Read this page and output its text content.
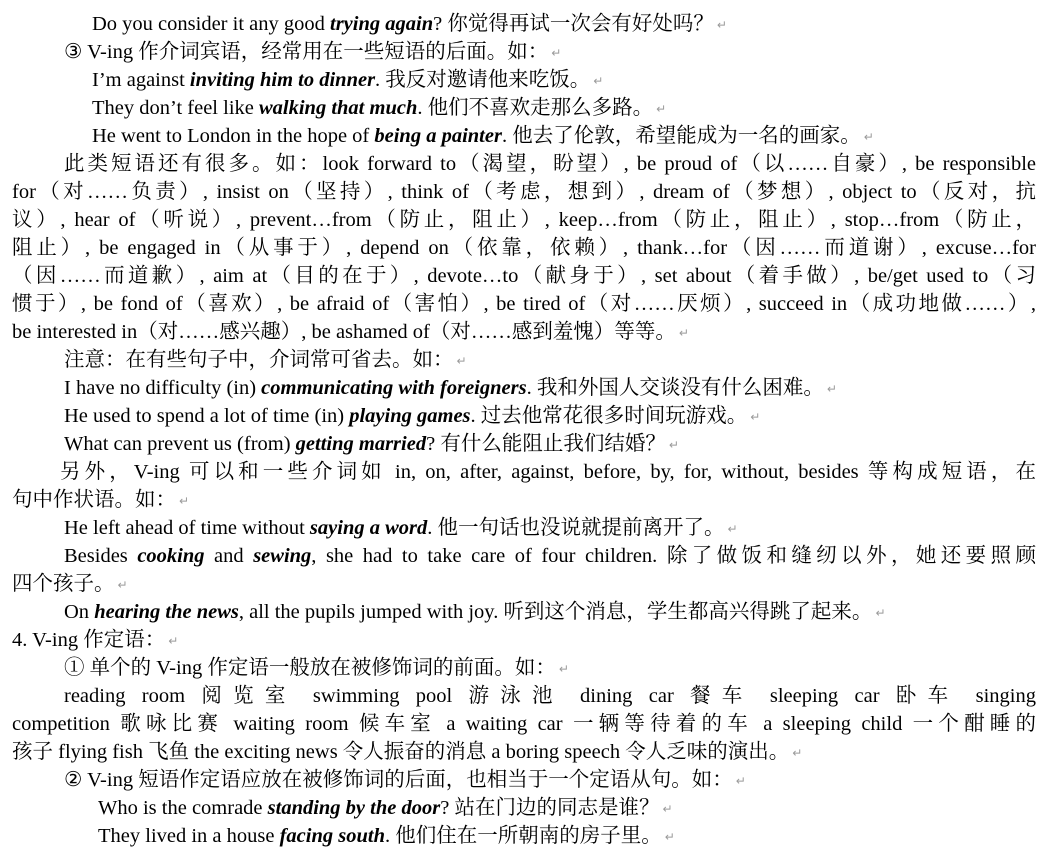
Do you consider it any good trying again? 你觉得再试一次会有好处吗？ ↵
③ V-ing 作介词宾语，经常用在一些短语的后面。如： ↵
I’m against inviting him to dinner. 我反对邀请他来吃饭。 ↵
They don’t feel like walking that much. 他们不喜欢走那么多路。 ↵
He went to London in the hope of being a painter. 他去了伦敦，希望能成为一名的画家。 ↵
此类短语还有很多。如：look forward to（渴望，盼望）, be proud of（以……自豪）, be responsible
for（对……负责）, insist on（坚持）, think of（考虑，想到）, dream of（梦想）, object to（反对，抗
议）, hear of（听说）, prevent…from（防止，阻止）, keep…from（防止，阻止）, stop…from（防止，
阻止）, be engaged in（从事于）, depend on（依靠，依赖）, thank…for（因……而道谢）, excuse…for
（因……而道歉）, aim at（目的在于）, devote…to（献身于）, set about（着手做）, be/get used to（习
惯于）, be fond of（喜欢）, be afraid of（害怕）, be tired of（对……厌烦）, succeed in（成功地做……）,
be interested in（对……感兴趣）, be ashamed of（对……感到羞愧）等等。 ↵
注意：在有些句子中，介词常可省去。如： ↵
I have no difficulty (in) communicating with foreigners. 我和外国人交谈没有什么困难。 ↵
He used to spend a lot of time (in) playing games. 过去他常花很多时间玩游戏。 ↵
What can prevent us (from) getting married? 有什么能阻止我们结婚？ ↵
另外，V-ing 可以和一些介词如 in, on, after, against, before, by, for, without, besides 等构成短语，在
句中作状语。如： ↵
He left ahead of time without saying a word. 他一句话也没说就提前离开了。 ↵
Besides cooking and sewing, she had to take care of four children. 除了做饭和缝纫以外，她还要照顾
四个孩子。 ↵
On hearing the news, all the pupils jumped with joy. 听到这个消息，学生都高兴得跳了起来。 ↵
4. V-ing 作定语： ↵
① 单个的 V-ing 作定语一般放在被修饰词的前面。如： ↵
reading room 阅览室 swimming pool 游泳池 dining car 餐车 sleeping car 卧车 singing
competition 歌咏比赛 waiting room 候车室 a waiting car 一辆等待着的车 a sleeping child 一个酣睡的
孩子 flying fish 飞鱼 the exciting news 令人振奋的消息 a boring speech 令人乏味的演出。 ↵
② V-ing 短语作定语应放在被修饰词的后面，也相当于一个定语从句。如： ↵
Who is the comrade standing by the door? 站在门边的同志是谁？ ↵
They lived in a house facing south. 他们住在一所朝南的房子里。 ↵
